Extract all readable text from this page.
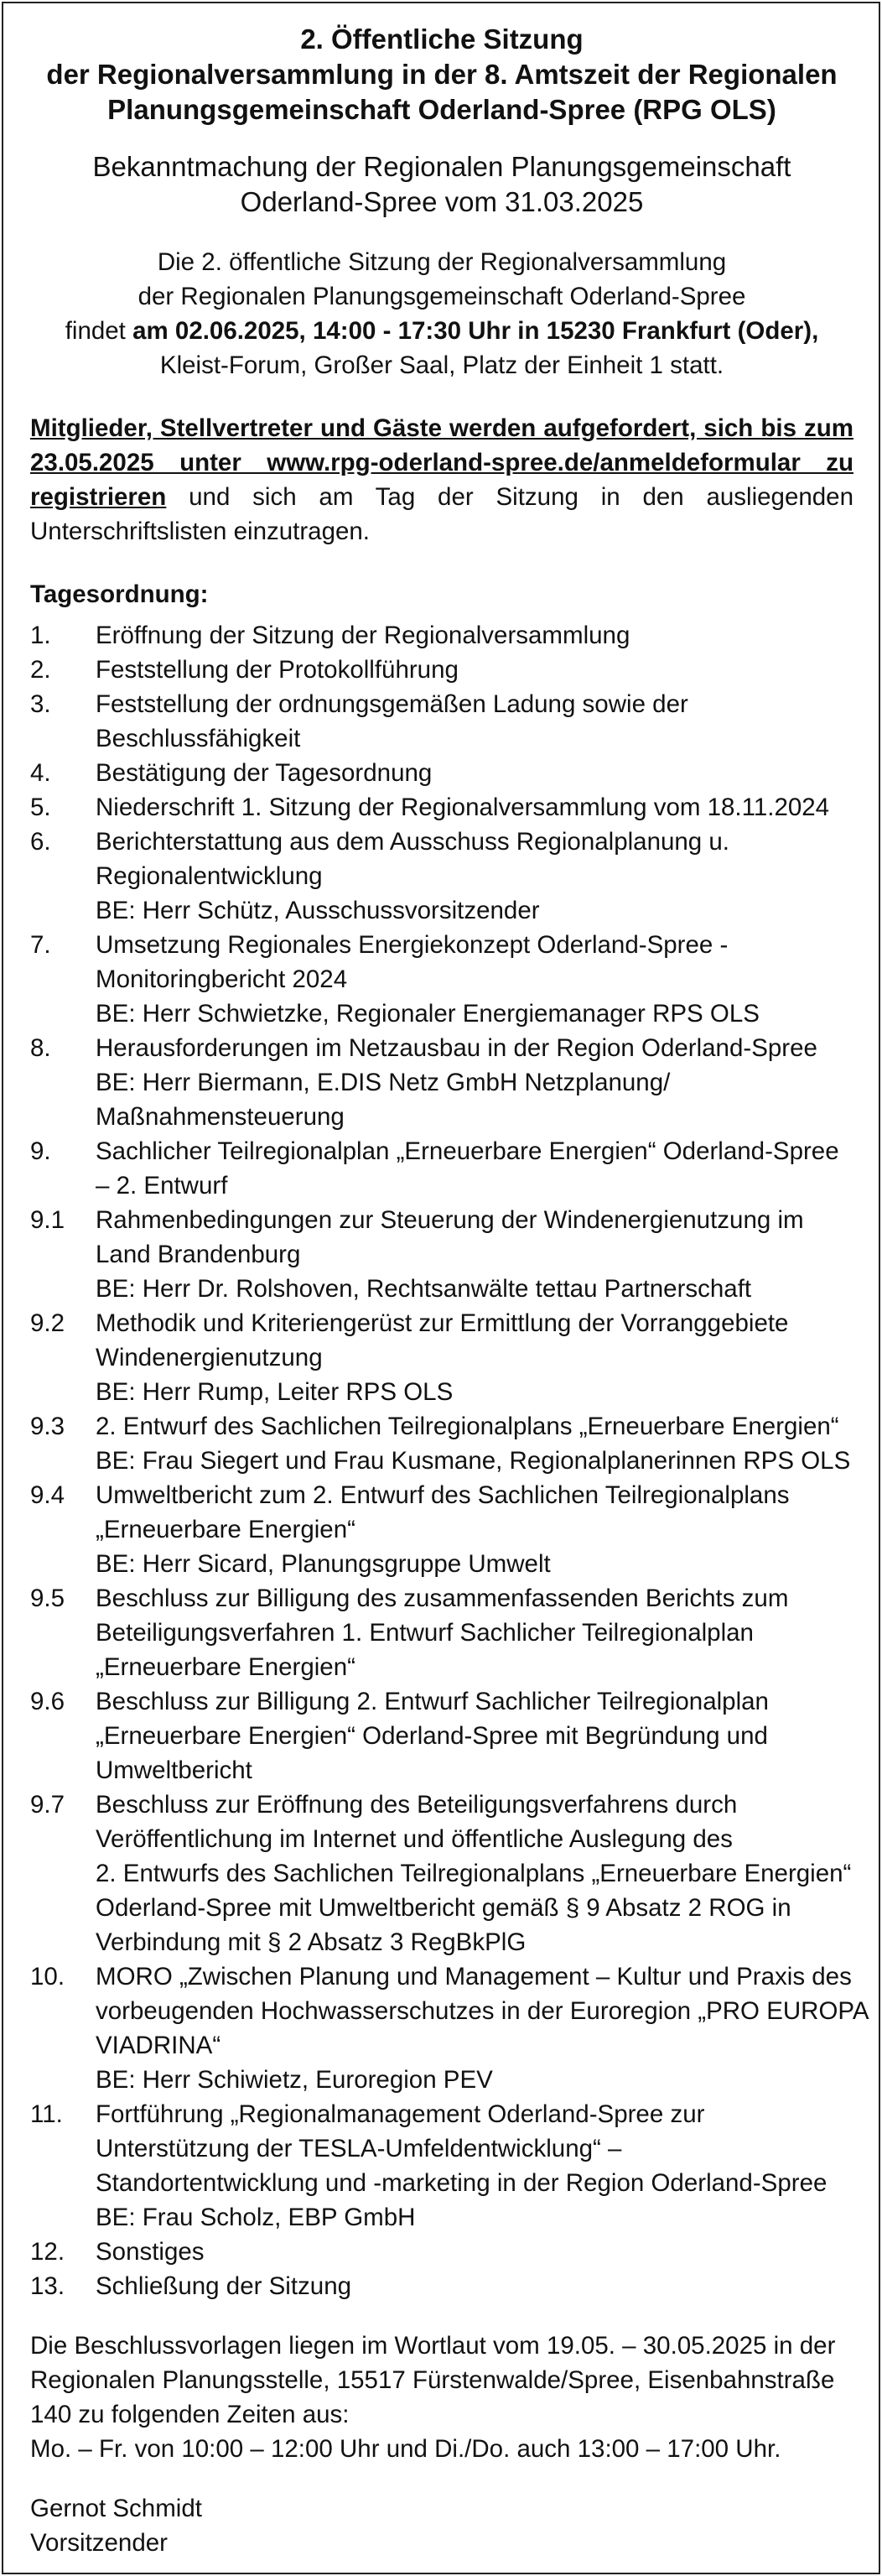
2. Öffentliche Sitzung
der Regionalversammlung in der 8. Amtszeit der Regionalen
Planungsgemeinschaft Oderland-Spree (RPG OLS)
Bekanntmachung der Regionalen Planungsgemeinschaft
Oderland-Spree vom 31.03.2025
Die 2. öffentliche Sitzung der Regionalversammlung
der Regionalen Planungsgemeinschaft Oderland-Spree
findet am 02.06.2025, 14:00 - 17:30 Uhr in 15230 Frankfurt (Oder),
Kleist-Forum, Großer Saal, Platz der Einheit 1 statt.
Mitglieder, Stellvertreter und Gäste werden aufgefordert, sich bis zum 23.05.2025 unter www.rpg-oderland-spree.de/anmeldeformular zu registrieren und sich am Tag der Sitzung in den ausliegenden Unterschriftslisten einzutragen.
Tagesordnung:
1.	Eröffnung der Sitzung der Regionalversammlung
2.	Feststellung der Protokollführung
3.	Feststellung der ordnungsgemäßen Ladung sowie der
Beschlussfähigkeit
4.	Bestätigung der Tagesordnung
5.	Niederschrift 1. Sitzung der Regionalversammlung vom 18.11.2024
6.	Berichterstattung aus dem Ausschuss Regionalplanung u.
Regionalentwicklung
BE: Herr Schütz, Ausschussvorsitzender
7.	Umsetzung Regionales Energiekonzept Oderland-Spree -
Monitoringbericht 2024
BE: Herr Schwietzke, Regionaler Energiemanager RPS OLS
8.	Herausforderungen im Netzausbau in der Region Oderland-Spree
BE: Herr Biermann, E.DIS Netz GmbH Netzplanung/
Maßnahmensteuerung
9.	Sachlicher Teilregionalplan „Erneuerbare Energien“ Oderland-Spree
– 2. Entwurf
9.1	Rahmenbedingungen zur Steuerung der Windenergienutzung im
Land Brandenburg
BE: Herr Dr. Rolshoven, Rechtsanwälte tettau Partnerschaft
9.2	Methodik und Kriteriengerüst zur Ermittlung der Vorranggebiete
Windenergienutzung
BE: Herr Rump, Leiter RPS OLS
9.3	2. Entwurf des Sachlichen Teilregionalplans „Erneuerbare Energien“
BE: Frau Siegert und Frau Kusmane, Regionalplanerinnen RPS OLS
9.4	Umweltbericht zum 2. Entwurf des Sachlichen Teilregionalplans
„Erneuerbare Energien“
BE: Herr Sicard, Planungsgruppe Umwelt
9.5	Beschluss zur Billigung des zusammenfassenden Berichts zum
Beteiligungsverfahren 1. Entwurf Sachlicher Teilregionalplan
„Erneuerbare Energien“
9.6	Beschluss zur Billigung 2. Entwurf Sachlicher Teilregionalplan
„Erneuerbare Energien“ Oderland-Spree mit Begründung und
Umweltbericht
9.7	Beschluss zur Eröffnung des Beteiligungsverfahrens durch
Veröffentlichung im Internet und öffentliche Auslegung des
2. Entwurfs des Sachlichen Teilregionalplans „Erneuerbare Energien“
Oderland-Spree mit Umweltbericht gemäß § 9 Absatz 2 ROG in
Verbindung mit § 2 Absatz 3 RegBkPlG
10.	MORO „Zwischen Planung und Management – Kultur und Praxis des
vorbeugenden Hochwasserschutzes in der Euroregion „PRO EUROPA
VIADRINA“
BE: Herr Schiwietz, Euroregion PEV
11.	Fortführung „Regionalmanagement Oderland-Spree zur
Unterstützung der TESLA-Umfeldentwicklung“ –
Standortentwicklung und -marketing in der Region Oderland-Spree
BE: Frau Scholz, EBP GmbH
12.	Sonstiges
13.	Schließung der Sitzung
Die Beschlussvorlagen liegen im Wortlaut vom 19.05. – 30.05.2025 in der
Regionalen Planungsstelle, 15517 Fürstenwalde/Spree, Eisenbahnstraße
140 zu folgenden Zeiten aus:
Mo. – Fr. von 10:00 – 12:00 Uhr und Di./Do. auch 13:00 – 17:00 Uhr.
Gernot Schmidt
Vorsitzender
